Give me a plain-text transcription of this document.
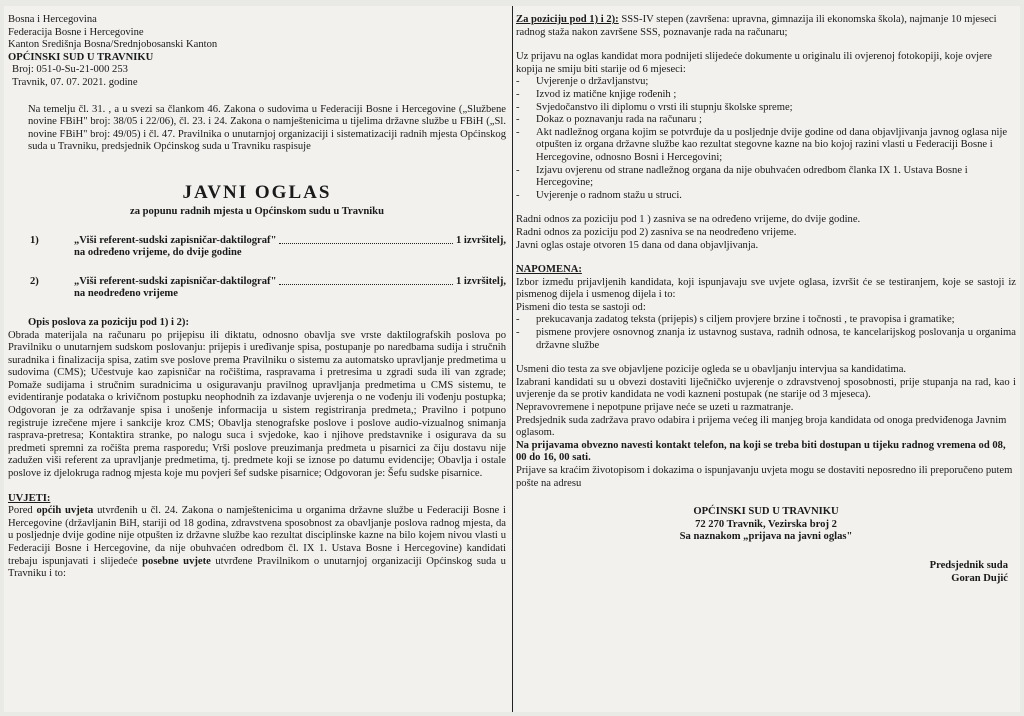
Bosna i Hercegovina
Federacija Bosne i Hercegovine
Kanton Središnja Bosna/Srednjobosanski Kanton
OPĆINSKI SUD U TRAVNIKU
Broj: 051-0-Su-21-000 253
Travnik, 07. 07. 2021. godine

Na temelju čl. 31. , a u svezi sa člankom 46. Zakona o sudovima u Federaciji Bosne i Hercegovine („Službene novine FBiH" broj: 38/05 i 22/06), čl. 23. i 24. Zakona o namještenicima u tijelima državne službe u FBiH („Sl. novine FBiH" broj: 49/05) i čl. 47. Pravilnika o unutarnjoj organizaciji i sistematizaciji radnih mjesta Općinskog suda u Travniku, predsjednik Općinskog suda u Travniku raspisuje

JAVNI OGLAS
za popunu radnih mjesta u Općinskom sudu u Travniku
1)	„Viši referent-sudski zapisničar-daktilograf"	1 izvršitelj,
na određeno vrijeme, do dvije godine
2)	„Viši referent-sudski zapisničar-daktilograf"	1 izvršitelj,
na neodređeno vrijeme
Opis poslova za poziciju pod 1) i 2):

Obrada materijala na računaru po prijepisu ili diktatu, odnosno obavlja sve vrste daktilografskih poslova po Pravilniku o unutarnjem sudskom poslovanju: prijepis i uređivanje spisa, postupanje po naredbama sudija i stručnih suradnika i finalizacija spisa, zatim sve poslove prema Pravilniku o sistemu za automatsko upravljanje predmetima u sudovima (CMS); Učestvuje kao zapisničar na ročištima, raspravama i pretresima u zgradi suda ili van zgrade; Pomaže sudijama i stručnim suradnicima u osiguravanju pravilnog upravljanja predmetima u CMS sistemu, te evidentiranje podataka o krivičnom postupku neophodnih za izdavanje uvjerenja o ne vođenju ili vođenju postupka; Odgovoran je za održavanje spisa i unošenje informacija u sistem registriranja predmeta,; Pravilno i potpuno registruje izrečene mjere i sankcije kroz CMS; Obavlja stenografske poslove i poslove audio-vizualnog snimanja rasprava-pretresa; Kontaktira stranke, po nalogu suca i svjedoke, kao i njihove predstavnike i osigurava da su predmeti spremni za ročišta prema rasporedu; Vrši poslove preuzimanja predmeta u pisarnici za čiju dostavu nije zadužen viši referent za upravljanje predmetima, tj. predmete koji se iznose po datumu evidencije; Obavlja i ostale poslove iz djelokruga radnog mjesta koje mu povjeri šef sudske pisarnice; Odgovoran je: Šefu sudske pisarnice.

UVJETI:

Pored općih uvjeta utvrđenih u čl. 24. Zakona o namještenicima u organima državne službe u Federaciji Bosne i Hercegovine (državljanin BiH, stariji od 18 godina, zdravstvena sposobnost za obavljanje poslova radnog mjesta, da u posljednje dvije godine nije otpušten iz državne službe kao rezultat disciplinske kazne na bilo kojem nivou vlasti u Federaciji Bosne i Hercegovine, da nije obuhvaćen odredbom čl. IX 1. Ustava Bosne i Hercegovine) kandidati trebaju ispunjavati i slijedeće posebne uvjete utvrđene Pravilnikom o unutarnjoj organizaciji Općinskog suda u Travniku i to:

Za poziciju pod 1) i 2): SSS-IV stepen (završena: upravna, gimnazija ili ekonomska škola), najmanje 10 mjeseci radnog staža nakon završene SSS, poznavanje rada na računaru;

Uz prijavu na oglas kandidat mora podnijeti slijedeće dokumente u originalu ili ovjerenoj fotokopiji, koje ovjere kopija ne smiju biti starije od 6 mjeseci:

-	Uvjerenje o državljanstvu;
-	Izvod iz matične knjige rođenih ;
-	Svjedočanstvo ili diplomu o vrsti ili stupnju školske spreme;
-	Dokaz o poznavanju rada na računaru ;
-	Akt nadležnog organa kojim se potvrđuje da u posljednje dvije godine od dana objavljivanja javnog oglasa nije otpušten iz organa državne službe kao rezultat stegovne kazne na bio kojoj razini vlasti u Federaciji Bosne i Hercegovine, odnosno Bosni i Hercegovini;
-	Izjavu ovjerenu od strane nadležnog organa da nije obuhvaćen odredbom članka IX 1. Ustava Bosne i Hercegovine;
-	Uvjerenje o radnom stažu u struci.

Radni odnos za poziciju pod 1 ) zasniva se na određeno vrijeme, do dvije godine.

Radni odnos za poziciju pod 2) zasniva se na neodređeno vrijeme.

Javni oglas ostaje otvoren 15 dana od dana objavljivanja.

NAPOMENA:

Izbor između prijavljenih kandidata, koji ispunjavaju sve uvjete oglasa, izvršit će se testiranjem, koje se sastoji iz pismenog dijela i usmenog dijela i to:

Pismeni dio testa se sastoji od:

-	prekucavanja zadatog teksta (prijepis) s ciljem provjere brzine i točnosti , te pravopisa i gramatike;
-	pismene provjere osnovnog znanja iz ustavnog sustava, radnih odnosa, te kancelarijskog poslovanja u organima državne službe

Usmeni dio testa za sve objavljene pozicije ogleda se u obavljanju intervjua sa kandidatima.

Izabrani kandidati su u obvezi dostaviti liječničko uvjerenje o zdravstvenoj sposobnosti, prije stupanja na rad, kao i uvjerenje da se protiv kandidata ne vodi kazneni postupak (ne starije od 3 mjeseca).

Nepravovremene i nepotpune prijave neće se uzeti u razmatranje.

Predsjednik suda zadržava pravo odabira i prijema većeg ili manjeg broja kandidata od onoga predviđenoga Javnim oglasom.

Na prijavama obvezno navesti kontakt telefon, na koji se treba biti dostupan u tijeku radnog vremena od 08, 00 do 16, 00 sati.

Prijave sa kraćim životopisom i dokazima o ispunjavanju uvjeta mogu se dostaviti neposredno ili preporučeno putem pošte na adresu

OPĆINSKI SUD U TRAVNIKU
72 270 Travnik, Vezirska broj 2
Sa naznakom „prijava na javni oglas"
Predsjednik suda
Goran Dujić
